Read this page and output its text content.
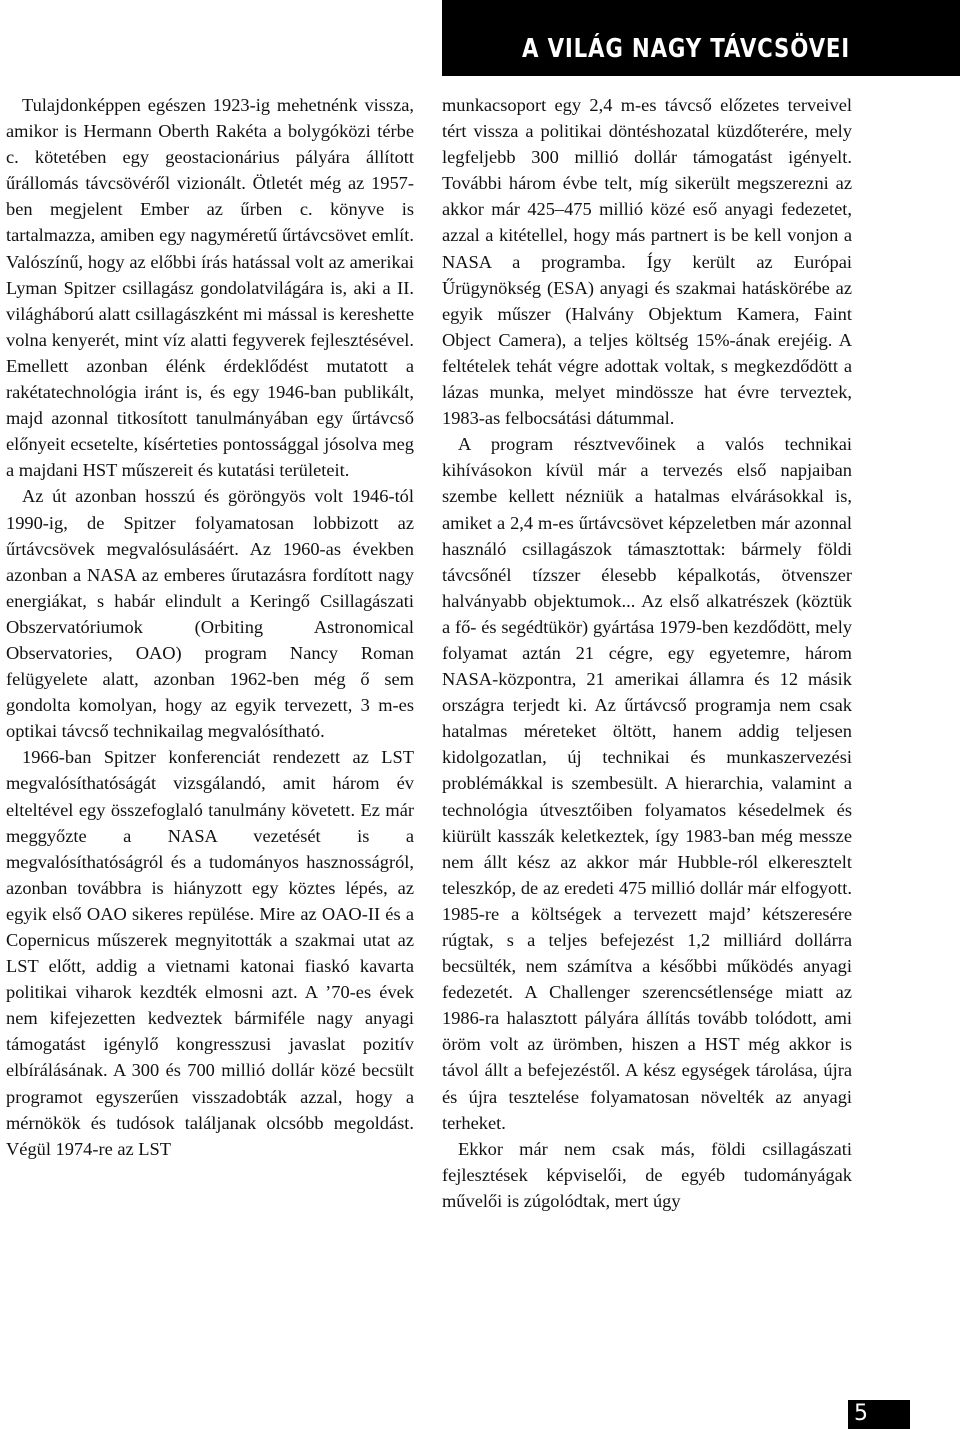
A VILÁG NAGY TÁVCSÖVEI

Tulajdonképpen egészen 1923-ig mehetnénk vissza, amikor is Hermann Oberth Rakéta a bolygóközi térbe c. kötetében egy geostacionárius pályára állított űrállomás távcsövéről vizionált. Ötletét még az 1957-ben megjelent Ember az űrben c. könyve is tartalmazza, amiben egy nagyméretű űrtávcsövet említ. Valószínű, hogy az előbbi írás hatással volt az amerikai Lyman Spitzer csillagász gondolatvilágára is, aki a II. világháború alatt csillagászként mi mással is kereshette volna kenyerét, mint víz alatti fegyverek fejlesztésével. Emellett azonban élénk érdeklődést mutatott a rakétatechnológia iránt is, és egy 1946-ban publikált, majd azonnal titkosított tanulmányában egy űrtávcső előnyeit ecsetelte, kísérteties pontossággal jósolva meg a majdani HST műszereit és kutatási területeit.

Az út azonban hosszú és göröngyös volt 1946-tól 1990-ig, de Spitzer folyamatosan lobbizott az űrtávcsövek megvalósulásáért. Az 1960-as években azonban a NASA az emberes űrutazásra fordított nagy energiákat, s habár elindult a Keringő Csillagászati Obszervatóriumok (Orbiting Astronomical Observatories, OAO) program Nancy Roman felügyelete alatt, azonban 1962-ben még ő sem gondolta komolyan, hogy az egyik tervezett, 3 m-es optikai távcső technikailag megvalósítható.

1966-ban Spitzer konferenciát rendezett az LST megvalósíthatóságát vizsgálandó, amit három év elteltével egy összefoglaló tanulmány követett. Ez már meggyőzte a NASA vezetését is a megvalósíthatóságról és a tudományos hasznosságról, azonban továbbra is hiányzott egy köztes lépés, az egyik első OAO sikeres repülése. Mire az OAO-II és a Copernicus műszerek megnyitották a szakmai utat az LST előtt, addig a vietnami katonai fiaskó kavarta politikai viharok kezdték elmosni azt. A ’70-es évek nem kifejezetten kedveztek bármiféle nagy anyagi támogatást igénylő kongresszusi javaslat pozitív elbírálásának. A 300 és 700 millió dollár közé becsült programot egyszerűen visszadobták azzal, hogy a mérnökök és tudósok találjanak olcsóbb megoldást. Végül 1974-re az LST

munkacsoport egy 2,4 m-es távcső előzetes terveivel tért vissza a politikai döntéshozatal küzdőterére, mely legfeljebb 300 millió dollár támogatást igényelt. További három évbe telt, míg sikerült megszerezni az akkor már 425–475 millió közé eső anyagi fedezetet, azzal a kitétellel, hogy más partnert is be kell vonjon a NASA a programba. Így került az Európai Űrügynökség (ESA) anyagi és szakmai hatáskörébe az egyik műszer (Halvány Objektum Kamera, Faint Object Camera), a teljes költség 15%-ának erejéig. A feltételek tehát végre adottak voltak, s megkezdődött a lázas munka, melyet mindössze hat évre terveztek, 1983-as felbocsátási dátummal.

A program résztvevőinek a valós technikai kihívásokon kívül már a tervezés első napjaiban szembe kellett nézniük a hatalmas elvárásokkal is, amiket a 2,4 m-es űrtávcsövet képzeletben már azonnal használó csillagászok támasztottak: bármely földi távcsőnél tízszer élesebb képalkotás, ötvenszer halványabb objektumok... Az első alkatrészek (köztük a fő- és segédtükör) gyártása 1979-ben kezdődött, mely folyamat aztán 21 cégre, egy egyetemre, három NASA-központra, 21 amerikai államra és 12 másik országra terjedt ki. Az űrtávcső programja nem csak hatalmas méreteket öltött, hanem addig teljesen kidolgozatlan, új technikai és munkaszervezési problémákkal is szembesült. A hierarchia, valamint a technológia útvesztőiben folyamatos késedelmek és kiürült kasszák keletkeztek, így 1983-ban még messze nem állt kész az akkor már Hubble-ról elkeresztelt teleszkóp, de az eredeti 475 millió dollár már elfogyott. 1985-re a költségek a tervezett majd’ kétszeresére rúgtak, s a teljes befejezést 1,2 milliárd dollárra becsülték, nem számítva a későbbi működés anyagi fedezetét. A Challenger szerencsétlensége miatt az 1986-ra halasztott pályára állítás tovább tolódott, ami öröm volt az ürömben, hiszen a HST még akkor is távol állt a befejezéstől. A kész egységek tárolása, újra és újra tesztelése folyamatosan növelték az anyagi terheket.

Ekkor már nem csak más, földi csillagászati fejlesztések képviselői, de egyéb tudományágak művelői is zúgolódtak, mert úgy

5
